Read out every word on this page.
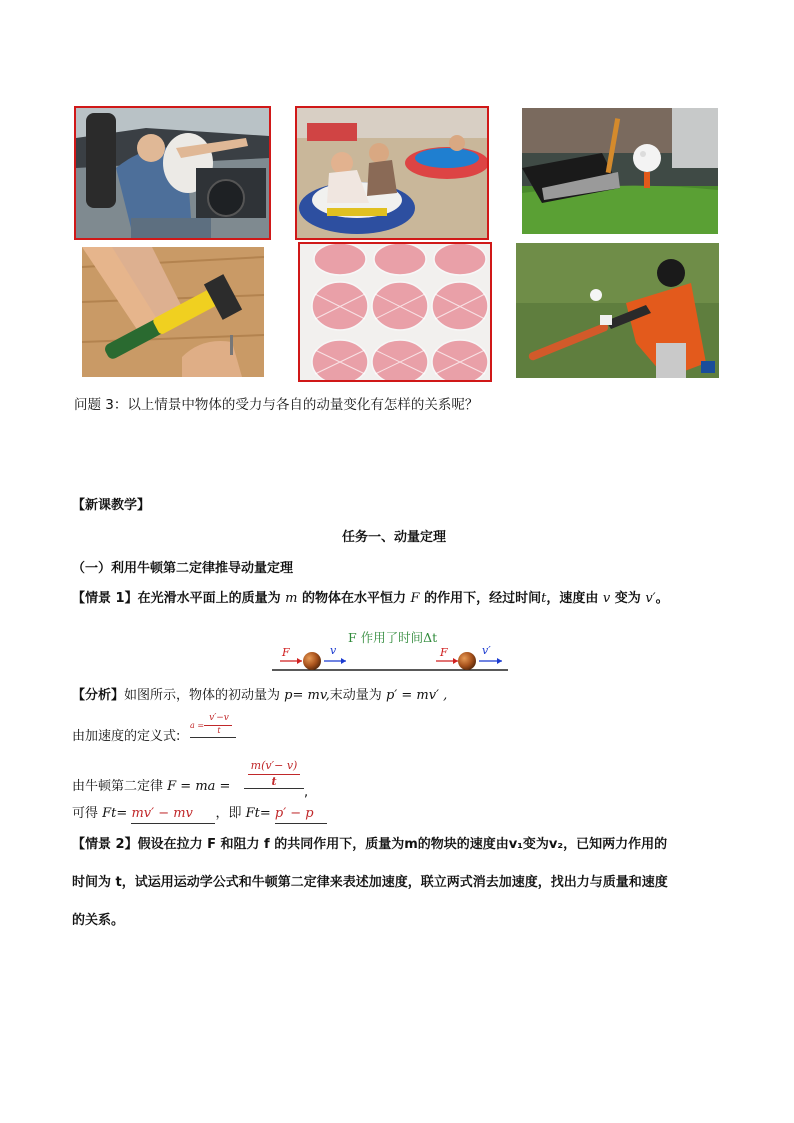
问题 3：以上情景中物体的受力与各自的动量变化有怎样的关系呢？
【新课教学】
任务一、动量定理
（一）利用牛顿第二定律推导动量定理
【情景 1】在光滑水平面上的质量为 m 的物体在水平恒力 F 的作用下，经过时间t，速度由 v 变为 v′。
F 作用了时间Δt
F	v	F	v′
【分析】如图所示，物体的初动量为 p= mv,末动量为 p′ = mv′ ,
由加速度的定义式:
v′−v
a =
t
由牛顿第二定律 F = ma =
m(v′− v)
t
,
可得 Ft= mv′ − mv ，即 Ft= p′ − p
【情景 2】假设在拉力 F 和阻力 f 的共同作用下，质量为m的物块的速度由v₁变为v₂，已知两力作用的
时间为 t，试运用运动学公式和牛顿第二定律来表述加速度，联立两式消去加速度，找出力与质量和速度
的关系。
